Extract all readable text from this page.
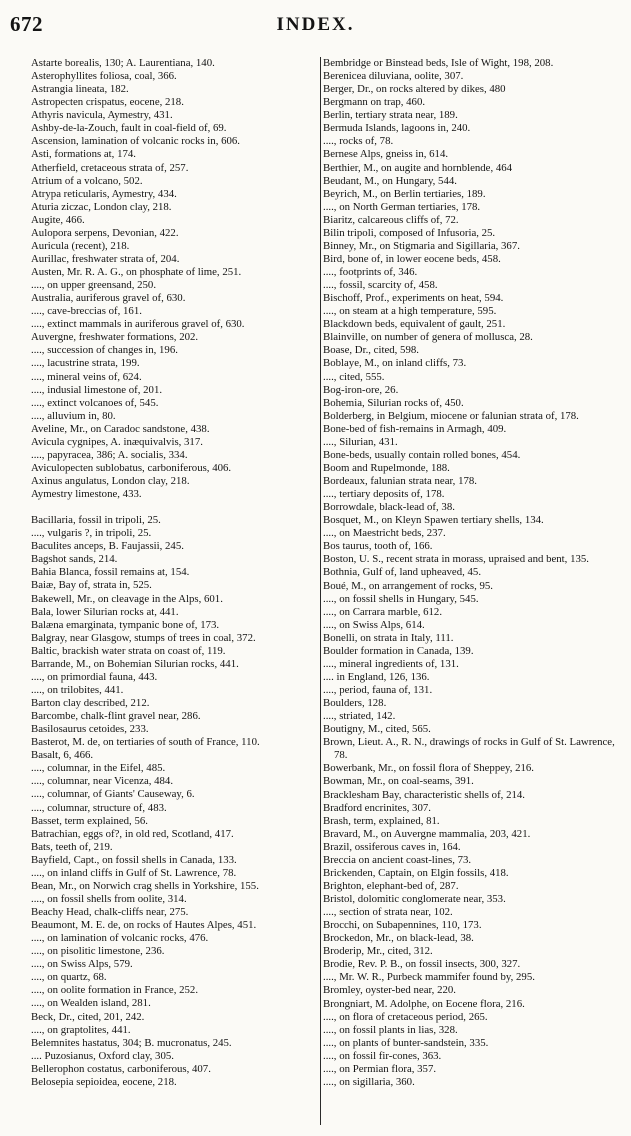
672	INDEX.

Astarte borealis, 130; A. Laurentiana, 140.

Asterophyllites foliosa, coal, 366.

Astrangia lineata, 182.

Astropecten crispatus, eocene, 218.

Athyris navicula, Aymestry, 431.

Ashby-de-la-Zouch, fault in coal-field of, 69.

Ascension, lamination of volcanic rocks in, 606.

Asti, formations at, 174.

Atherfield, cretaceous strata of, 257.

Atrium of a volcano, 502.

Atrypa reticularis, Aymestry, 434.

Aturia ziczac, London clay, 218.

Augite, 466.

Aulopora serpens, Devonian, 422.

Auricula (recent), 218.

Aurillac, freshwater strata of, 204.

Austen, Mr. R. A. G., on phosphate of lime, 251.

...., on upper greensand, 250.

Australia, auriferous gravel of, 630.

...., cave-breccias of, 161.

...., extinct mammals in auriferous gravel of, 630.

Auvergne, freshwater formations, 202.

...., succession of changes in, 196.

...., lacustrine strata, 199.

...., mineral veins of, 624.

...., indusial limestone of, 201.

...., extinct volcanoes of, 545.

...., alluvium in, 80.

Aveline, Mr., on Caradoc sandstone, 438.

Avicula cygnipes, A. inæquivalvis, 317.

...., papyracea, 386; A. socialis, 334.

Aviculopecten sublobatus, carboniferous, 406.

Axinus angulatus, London clay, 218.

Aymestry limestone, 433.

Bacillaria, fossil in tripoli, 25.

...., vulgaris ?, in tripoli, 25.

Baculites anceps, B. Faujassii, 245.

Bagshot sands, 214.

Bahia Blanca, fossil remains at, 154.

Baiæ, Bay of, strata in, 525.

Bakewell, Mr., on cleavage in the Alps, 601.

Bala, lower Silurian rocks at, 441.

Balæna emarginata, tympanic bone of, 173.

Balgray, near Glasgow, stumps of trees in coal, 372.

Baltic, brackish water strata on coast of, 119.

Barrande, M., on Bohemian Silurian rocks, 441.

...., on primordial fauna, 443.

...., on trilobites, 441.

Barton clay described, 212.

Barcombe, chalk-flint gravel near, 286.

Basilosaurus cetoides, 233.

Basterot, M. de, on tertiaries of south of France, 110.

Basalt, 6, 466.

...., columnar, in the Eifel, 485.

...., columnar, near Vicenza, 484.

...., columnar, of Giants' Causeway, 6.

...., columnar, structure of, 483.

Basset, term explained, 56.

Batrachian, eggs of?, in old red, Scotland, 417.

Bats, teeth of, 219.

Bayfield, Capt., on fossil shells in Canada, 133.

...., on inland cliffs in Gulf of St. Lawrence, 78.

Bean, Mr., on Norwich crag shells in Yorkshire, 155.

...., on fossil shells from oolite, 314.

Beachy Head, chalk-cliffs near, 275.

Beaumont, M. E. de, on rocks of Hautes Alpes, 451.

...., on lamination of volcanic rocks, 476.

...., on pisolitic limestone, 236.

...., on Swiss Alps, 579.

...., on quartz, 68.

...., on oolite formation in France, 252.

...., on Wealden island, 281.

Beck, Dr., cited, 201, 242.

...., on graptolites, 441.

Belemnites hastatus, 304; B. mucronatus, 245.

.... Puzosianus, Oxford clay, 305.

Bellerophon costatus, carboniferous, 407.

Belosepia sepioidea, eocene, 218.

Bembridge or Binstead beds, Isle of Wight, 198, 208.

Berenicea diluviana, oolite, 307.

Berger, Dr., on rocks altered by dikes, 480

Bergmann on trap, 460.

Berlin, tertiary strata near, 189.

Bermuda Islands, lagoons in, 240.

...., rocks of, 78.

Bernese Alps, gneiss in, 614.

Berthier, M., on augite and hornblende, 464

Beudant, M., on Hungary, 544.

Beyrich, M., on Berlin tertiaries, 189.

...., on North German tertiaries, 178.

Biaritz, calcareous cliffs of, 72.

Bilin tripoli, composed of Infusoria, 25.

Binney, Mr., on Stigmaria and Sigillaria, 367.

Bird, bone of, in lower eocene beds, 458.

...., footprints of, 346.

...., fossil, scarcity of, 458.

Bischoff, Prof., experiments on heat, 594.

...., on steam at a high temperature, 595.

Blackdown beds, equivalent of gault, 251.

Blainville, on number of genera of mollusca, 28.

Boase, Dr., cited, 598.

Boblaye, M., on inland cliffs, 73.

...., cited, 555.

Bog-iron-ore, 26.

Bohemia, Silurian rocks of, 450.

Bolderberg, in Belgium, miocene or falunian strata of, 178.

Bone-bed of fish-remains in Armagh, 409.

...., Silurian, 431.

Bone-beds, usually contain rolled bones, 454.

Boom and Rupelmonde, 188.

Bordeaux, falunian strata near, 178.

...., tertiary deposits of, 178.

Borrowdale, black-lead of, 38.

Bosquet, M., on Kleyn Spawen tertiary shells, 134.

...., on Maestricht beds, 237.

Bos taurus, tooth of, 166.

Boston, U. S., recent strata in morass, upraised and bent, 135.

Bothnia, Gulf of, land upheaved, 45.

Boué, M., on arrangement of rocks, 95.

...., on fossil shells in Hungary, 545.

...., on Carrara marble, 612.

...., on Swiss Alps, 614.

Bonelli, on strata in Italy, 111.

Boulder formation in Canada, 139.

...., mineral ingredients of, 131.

.... in England, 126, 136.

...., period, fauna of, 131.

Boulders, 128.

...., striated, 142.

Boutigny, M., cited, 565.

Brown, Lieut. A., R. N., drawings of rocks in Gulf of St. Lawrence, 78.

Bowerbank, Mr., on fossil flora of Sheppey, 216.

Bowman, Mr., on coal-seams, 391.

Bracklesham Bay, characteristic shells of, 214.

Bradford encrinites, 307.

Brash, term, explained, 81.

Bravard, M., on Auvergne mammalia, 203, 421.

Brazil, ossiferous caves in, 164.

Breccia on ancient coast-lines, 73.

Brickenden, Captain, on Elgin fossils, 418.

Brighton, elephant-bed of, 287.

Bristol, dolomitic conglomerate near, 353.

...., section of strata near, 102.

Brocchi, on Subapennines, 110, 173.

Brockedon, Mr., on black-lead, 38.

Broderip, Mr., cited, 312.

Brodie, Rev. P. B., on fossil insects, 300, 327.

...., Mr. W. R., Purbeck mammifer found by, 295.

Bromley, oyster-bed near, 220.

Brongniart, M. Adolphe, on Eocene flora, 216.

...., on flora of cretaceous period, 265.

...., on fossil plants in lias, 328.

...., on plants of bunter-sandstein, 335.

...., on fossil fir-cones, 363.

...., on Permian flora, 357.

...., on sigillaria, 360.
